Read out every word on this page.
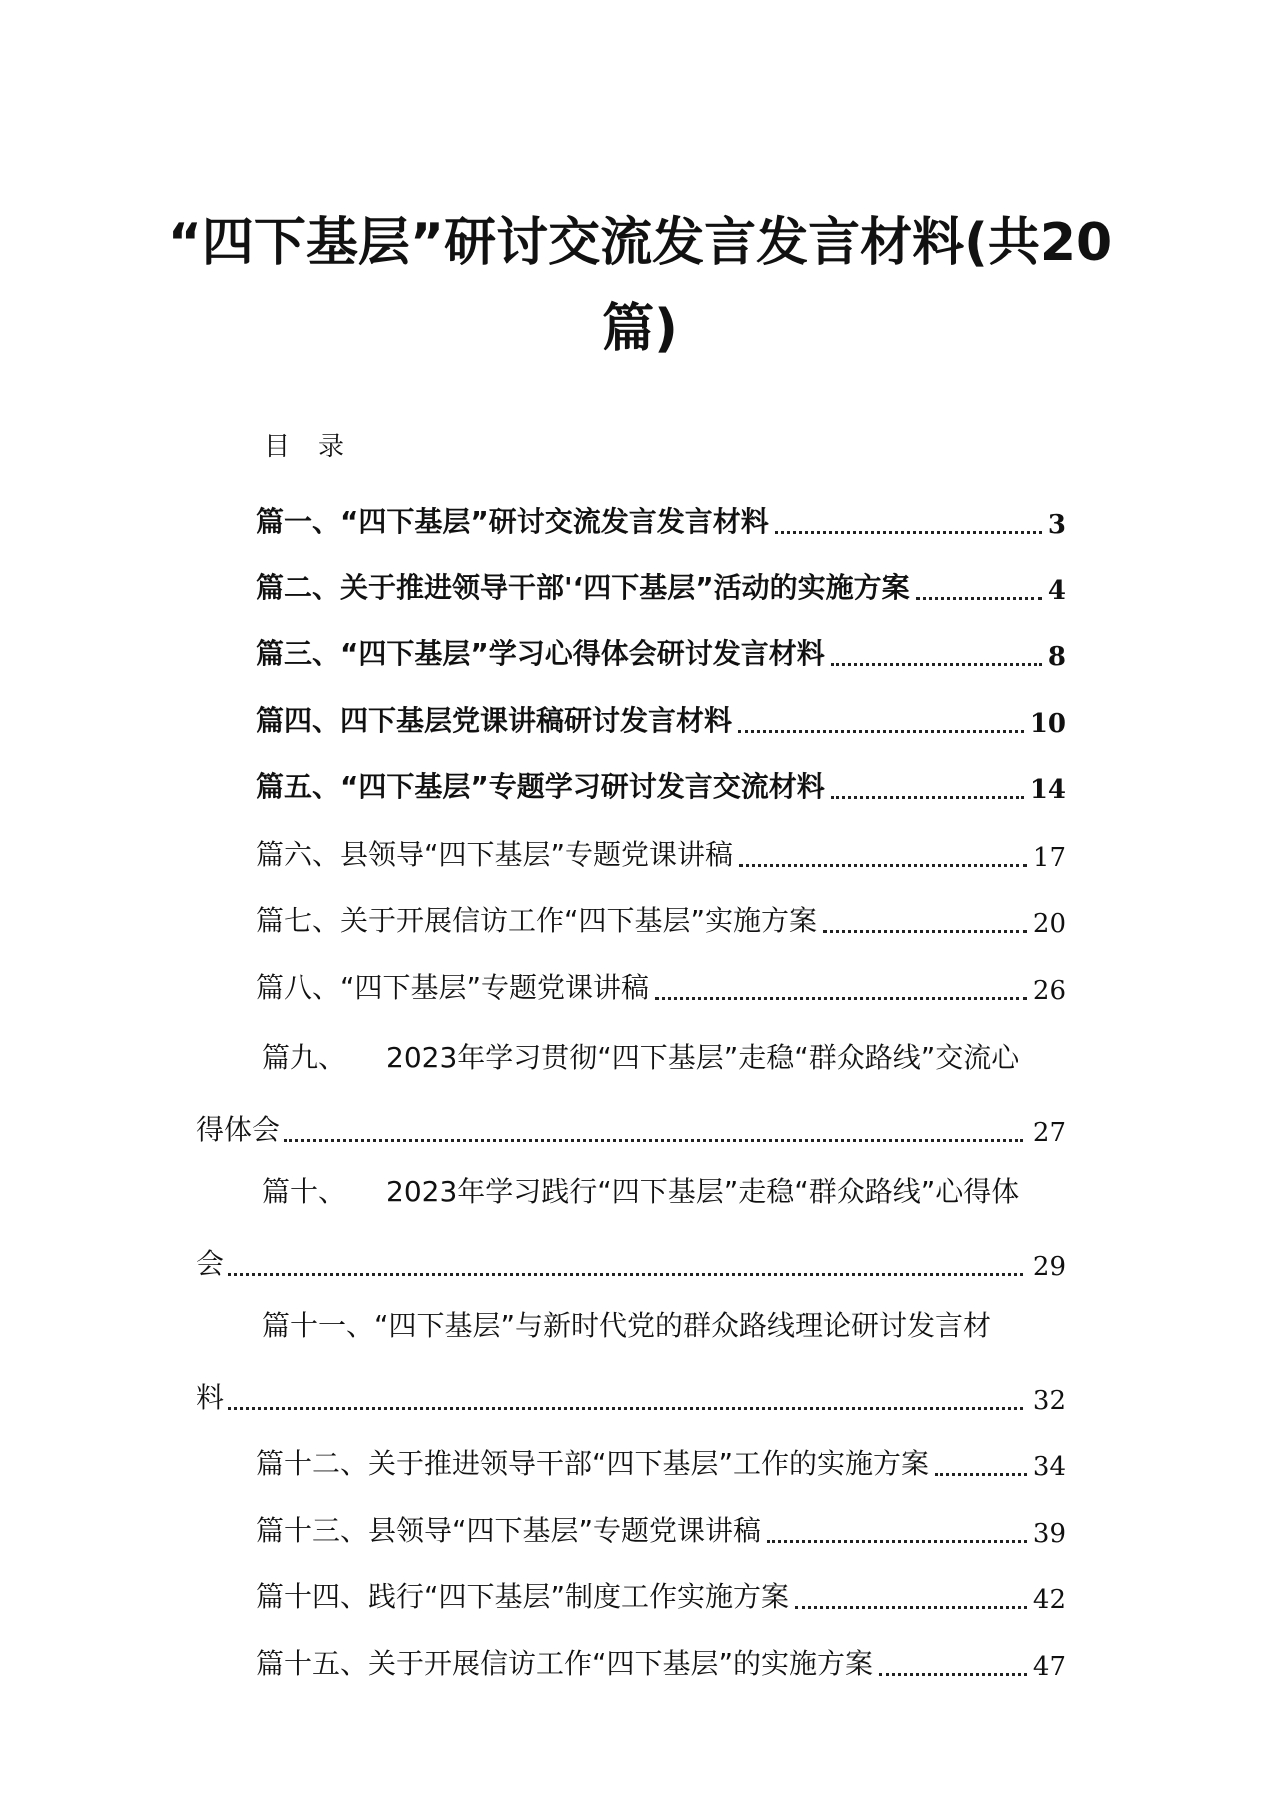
“四下基层”研讨交流发言发言材料(共20
篇)
目录
篇一、“四下基层”研讨交流发言发言材料	3
篇二、关于推进领导干部'‘四下基层”活动的实施方案	4
篇三、“四下基层”学习心得体会研讨发言材料	8
篇四、四下基层党课讲稿研讨发言材料	10
篇五、“四下基层”专题学习研讨发言交流材料	14
篇六、县领导“四下基层”专题党课讲稿	17
篇七、关于开展信访工作“四下基层”实施方案	20
篇八、“四下基层”专题党课讲稿	26
篇九、 2023年学习贯彻“四下基层”走稳“群众路线”交流心
得体会	27
篇十、 2023年学习践行“四下基层”走稳“群众路线”心得体
会	29
篇十一、“四下基层”与新时代党的群众路线理论研讨发言材
料	32
篇十二、关于推进领导干部“四下基层”工作的实施方案	34
篇十三、县领导“四下基层”专题党课讲稿	39
篇十四、践行“四下基层”制度工作实施方案	42
篇十五、关于开展信访工作“四下基层”的实施方案	47
